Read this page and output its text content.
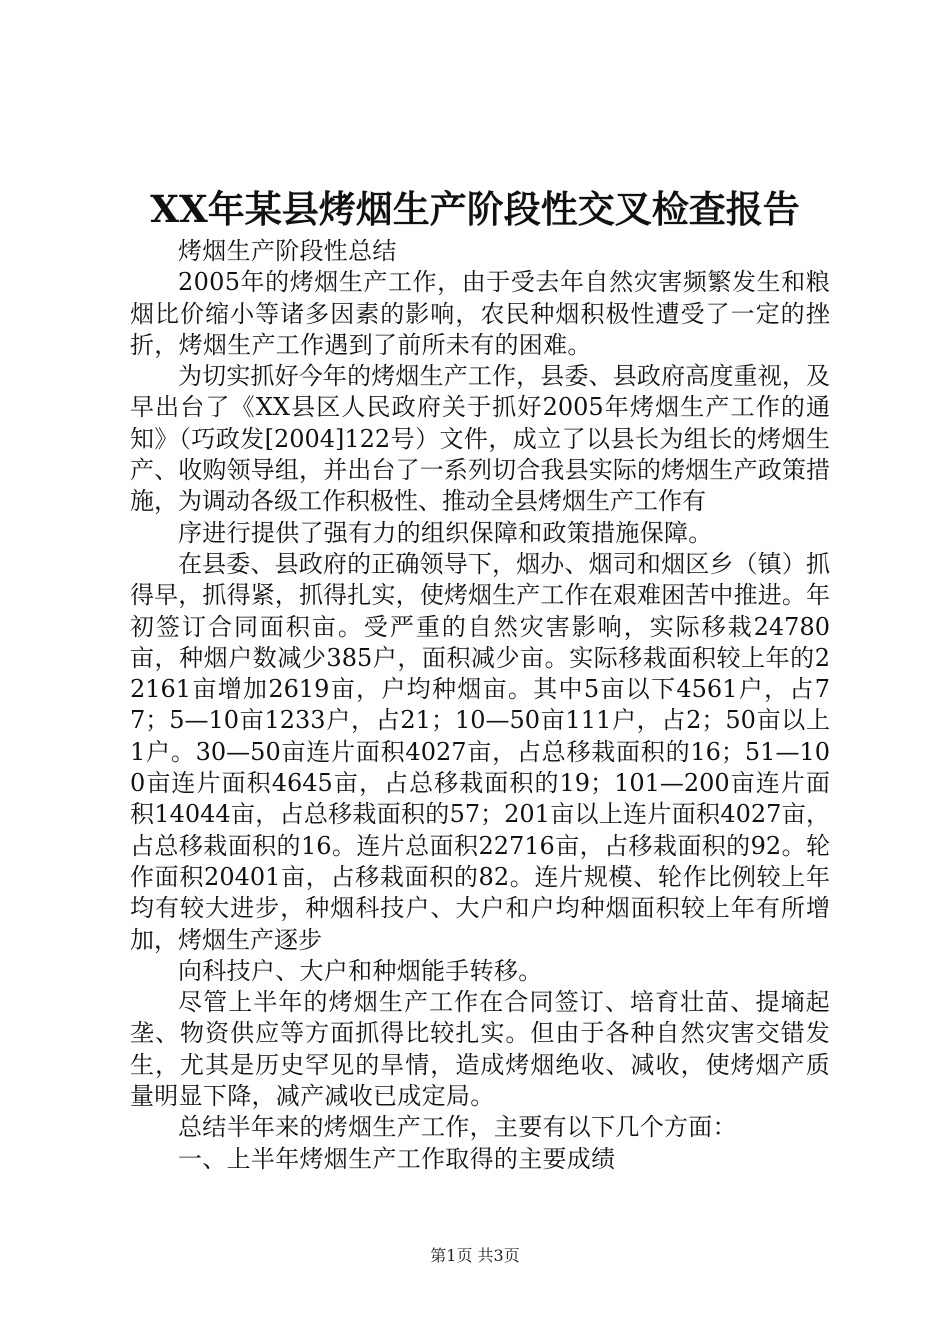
XX年某县烤烟生产阶段性交叉检查报告

烤烟生产阶段性总结

2005年的烤烟生产工作，由于受去年自然灾害频繁发生和粮烟比价缩小等诸多因素的影响，农民种烟积极性遭受了一定的挫折，烤烟生产工作遇到了前所未有的困难。

为切实抓好今年的烤烟生产工作，县委、县政府高度重视，及早出台了《XX县区人民政府关于抓好2005年烤烟生产工作的通知》（巧政发[2004]122号）文件，成立了以县长为组长的烤烟生产、收购领导组，并出台了一系列切合我县实际的烤烟生产政策措施，为调动各级工作积极性、推动全县烤烟生产工作有

序进行提供了强有力的组织保障和政策措施保障。

在县委、县政府的正确领导下，烟办、烟司和烟区乡（镇）抓得早，抓得紧，抓得扎实，使烤烟生产工作在艰难困苦中推进。年初签订合同面积亩。受严重的自然灾害影响，实际移栽24780亩，种烟户数减少385户，面积减少亩。实际移栽面积较上年的22161亩增加2619亩，户均种烟亩。其中5亩以下4561户，占77；5—10亩1233户，占21；10—50亩111户，占2；50亩以上1户。30—50亩连片面积4027亩，占总移栽面积的16；51—100亩连片面积4645亩，占总移栽面积的19；101—200亩连片面积14044亩，占总移栽面积的57；201亩以上连片面积4027亩，占总移栽面积的16。连片总面积22716亩，占移栽面积的92。轮作面积20401亩，占移栽面积的82。连片规模、轮作比例较上年均有较大进步，种烟科技户、大户和户均种烟面积较上年有所增加，烤烟生产逐步

向科技户、大户和种烟能手转移。

尽管上半年的烤烟生产工作在合同签订、培育壮苗、提墒起垄、物资供应等方面抓得比较扎实。但由于各种自然灾害交错发生，尤其是历史罕见的旱情，造成烤烟绝收、减收，使烤烟产质量明显下降，减产减收已成定局。

总结半年来的烤烟生产工作，主要有以下几个方面：

一、上半年烤烟生产工作取得的主要成绩

第1页 共3页
